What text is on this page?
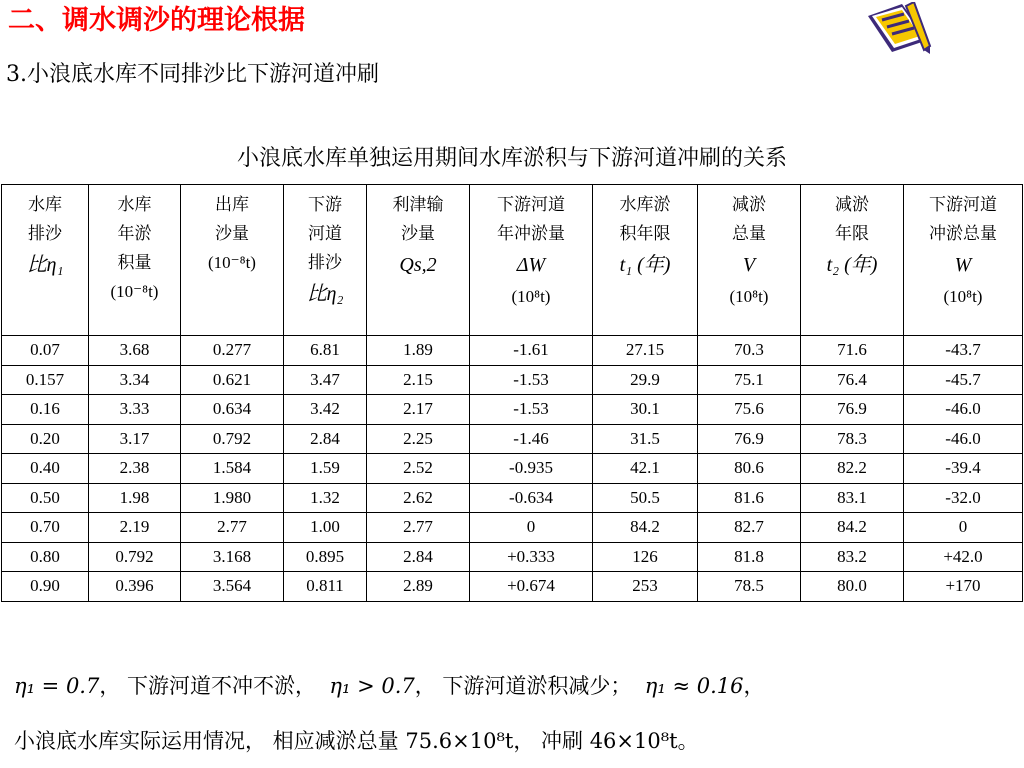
二、调水调沙的理论根据

3.小浪底水库不同排沙比下游河道冲刷

小浪底水库单独运用期间水库淤积与下游河道冲刷的关系

水库
排沙
比η₁	水库
年淤
积量
(10⁻⁸t)	出库
沙量
(10⁻⁸t)	下游
河道
排沙
比η₂	利津输
沙量
Qs,2	下游河道
年冲淤量
ΔW
(10⁸t)	水库淤
积年限
t₁ (年)	减淤
总量
V
(10⁸t)	减淤
年限
t₂ (年)	下游河道
冲淤总量
W
(10⁸t)

0.07	3.68	0.277	6.81	1.89	-1.61	27.15	70.3	71.6	-43.7
0.157	3.34	0.621	3.47	2.15	-1.53	29.9	75.1	76.4	-45.7
0.16	3.33	0.634	3.42	2.17	-1.53	30.1	75.6	76.9	-46.0
0.20	3.17	0.792	2.84	2.25	-1.46	31.5	76.9	78.3	-46.0
0.40	2.38	1.584	1.59	2.52	-0.935	42.1	80.6	82.2	-39.4
0.50	1.98	1.980	1.32	2.62	-0.634	50.5	81.6	83.1	-32.0
0.70	2.19	2.77	1.00	2.77	0	84.2	82.7	84.2	0
0.80	0.792	3.168	0.895	2.84	+0.333	126	81.8	83.2	+42.0
0.90	0.396	3.564	0.811	2.89	+0.674	253	78.5	80.0	+170

η₁ = 0.7， 下游河道不冲不淤， η₁ > 0.7， 下游河道淤积减少； η₁ ≈ 0.16，

小浪底水库实际运用情况， 相应减淤总量 75.6×10⁸t， 冲刷 46×10⁸t。
